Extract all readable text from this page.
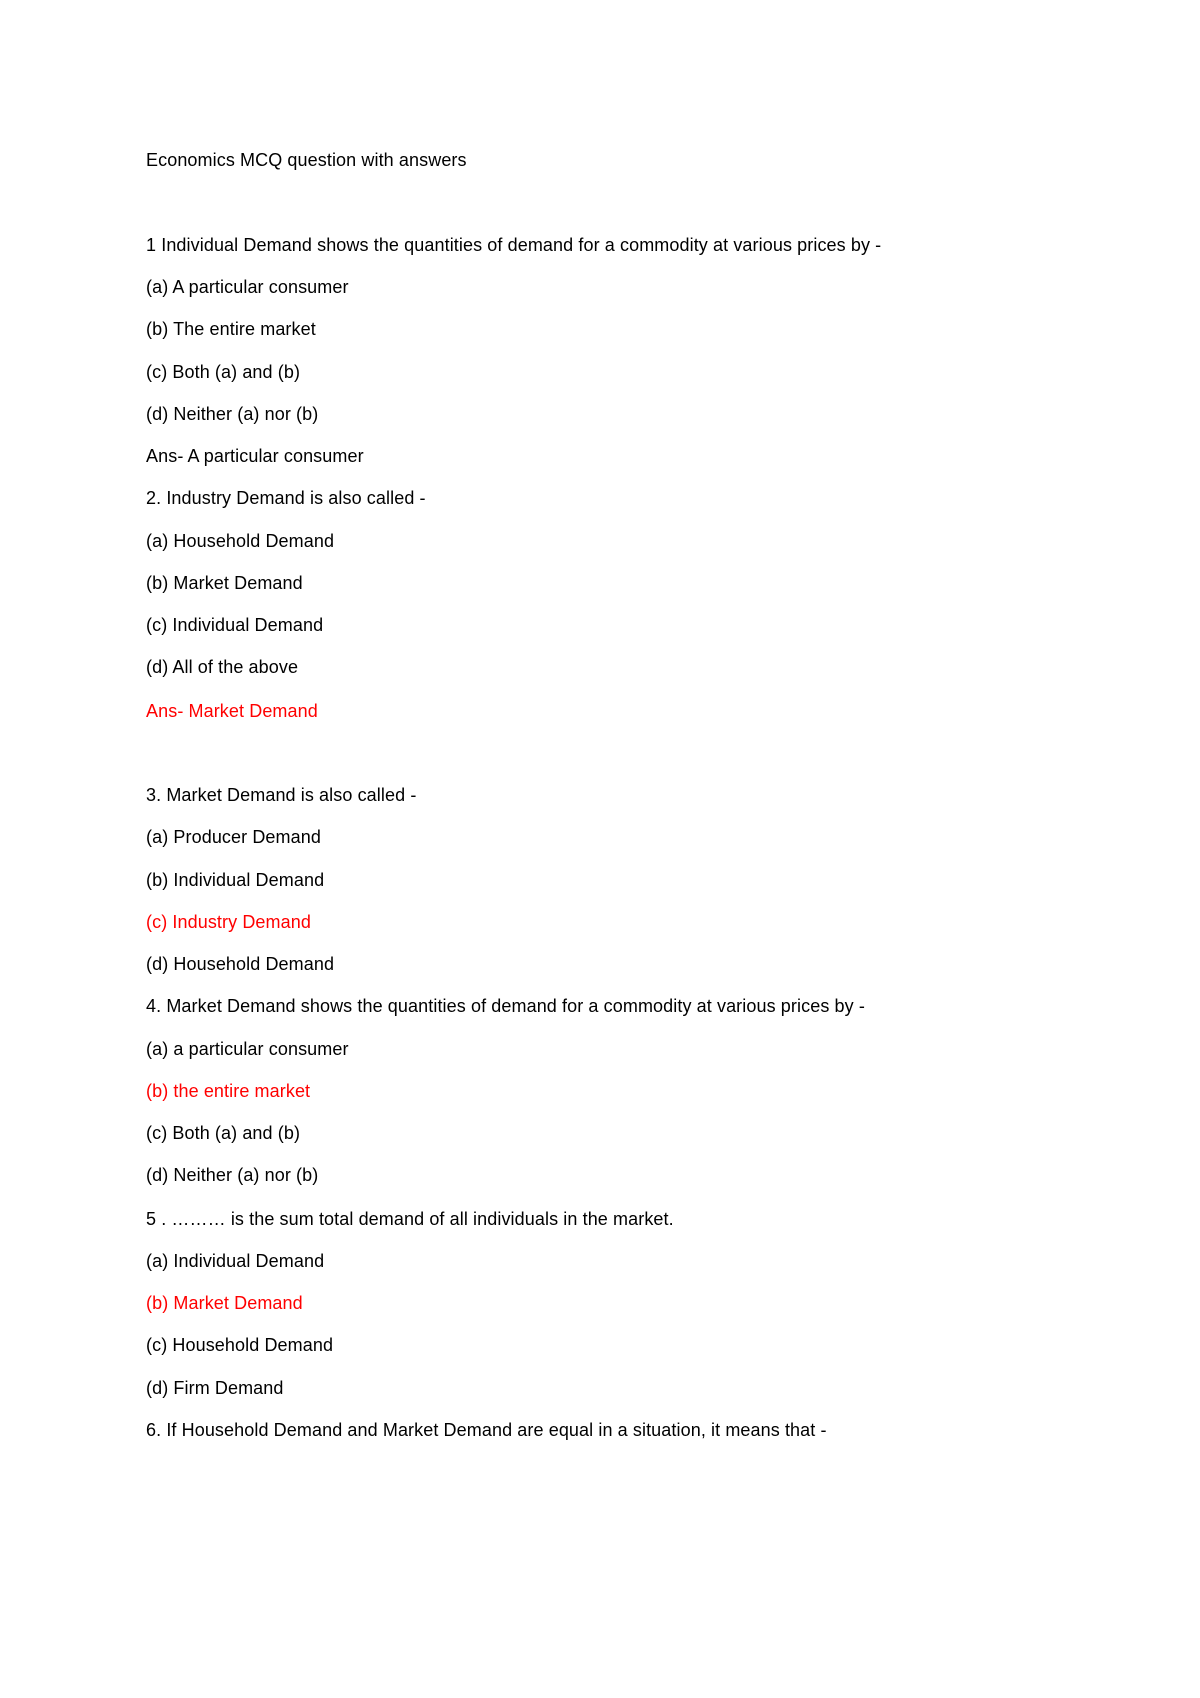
Economics MCQ question with answers

1 Individual Demand shows the quantities of demand for a commodity at various prices by -

(a) A particular consumer

(b) The entire market

(c) Both (a) and (b)

(d) Neither (a) nor (b)

Ans- A particular consumer

2. Industry Demand is also called -

(a) Household Demand

(b) Market Demand

(c) Individual Demand

(d) All of the above

Ans- Market Demand

3. Market Demand is also called -

(a) Producer Demand

(b) Individual Demand

(c) Industry Demand

(d) Household Demand

4. Market Demand shows the quantities of demand for a commodity at various prices by -

(a) a particular consumer

(b) the entire market

(c) Both (a) and (b)

(d) Neither (a) nor (b)

5 . ……… is the sum total demand of all individuals in the market.

(a) Individual Demand

(b) Market Demand

(c) Household Demand

(d) Firm Demand

6. If Household Demand and Market Demand are equal in a situation, it means that -
